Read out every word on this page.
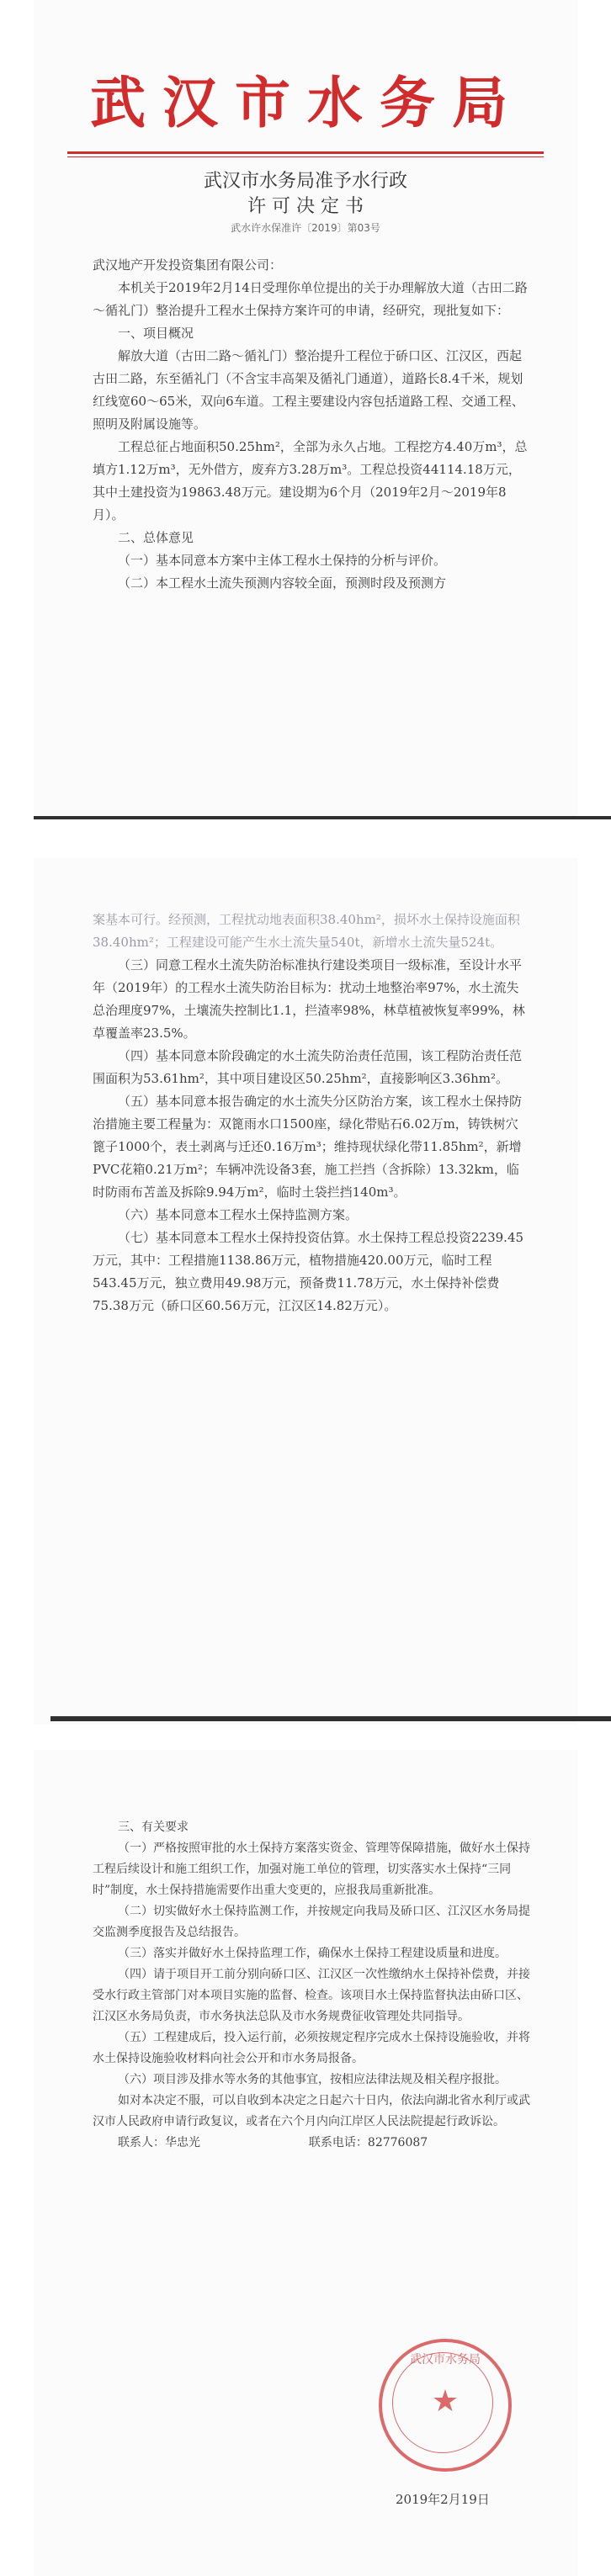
武汉市水务局
武汉市水务局准予水行政
许 可 决 定 书
武水许水保准许〔2019〕第03号

武汉地产开发投资集团有限公司：

本机关于2019年2月14日受理你单位提出的关于办理解放大道（古田二路～循礼门）整治提升工程水土保持方案许可的申请，经研究，现批复如下：

一、项目概况

解放大道（古田二路～循礼门）整治提升工程位于硚口区、江汉区，西起古田二路，东至循礼门（不含宝丰高架及循礼门通道），道路长8.4千米，规划红线宽60～65米，双向6车道。工程主要建设内容包括道路工程、交通工程、照明及附属设施等。

工程总征占地面积50.25hm²，全部为永久占地。工程挖方4.40万m³，总填方1.12万m³，无外借方，废弃方3.28万m³。工程总投资44114.18万元，其中土建投资为19863.48万元。建设期为6个月（2019年2月～2019年8月）。

二、总体意见

（一）基本同意本方案中主体工程水土保持的分析与评价。

（二）本工程水土流失预测内容较全面，预测时段及预测方

案基本可行。经预测，工程扰动地表面积38.40hm²，损坏水土保持设施面积38.40hm²；工程建设可能产生水土流失量540t，新增水土流失量524t。

（三）同意工程水土流失防治标准执行建设类项目一级标准，至设计水平年（2019年）的工程水土流失防治目标为：扰动土地整治率97%，水土流失总治理度97%，土壤流失控制比1.1，拦渣率98%，林草植被恢复率99%，林草覆盖率23.5%。

（四）基本同意本阶段确定的水土流失防治责任范围，该工程防治责任范围面积为53.61hm²，其中项目建设区50.25hm²，直接影响区3.36hm²。

（五）基本同意本报告确定的水土流失分区防治方案，该工程水土保持防治措施主要工程量为：双篦雨水口1500座，绿化带贴石6.02万m，铸铁树穴篦子1000个，表土剥离与迁还0.16万m³；维持现状绿化带11.85hm²，新增PVC花箱0.21万m²；车辆冲洗设备3套，施工拦挡（含拆除）13.32km，临时防雨布苫盖及拆除9.94万m²，临时土袋拦挡140m³。

（六）基本同意本工程水土保持监测方案。

（七）基本同意本工程水土保持投资估算。水土保持工程总投资2239.45万元，其中：工程措施1138.86万元，植物措施420.00万元，临时工程543.45万元，独立费用49.98万元，预备费11.78万元，水土保持补偿费75.38万元（硚口区60.56万元，江汉区14.82万元）。

三、有关要求

（一）严格按照审批的水土保持方案落实资金、管理等保障措施，做好水土保持工程后续设计和施工组织工作，加强对施工单位的管理，切实落实水土保持“三同时”制度，水土保持措施需要作出重大变更的，应报我局重新批准。

（二）切实做好水土保持监测工作，并按规定向我局及硚口区、江汉区水务局提交监测季度报告及总结报告。

（三）落实并做好水土保持监理工作，确保水土保持工程建设质量和进度。

（四）请于项目开工前分别向硚口区、江汉区一次性缴纳水土保持补偿费，并接受水行政主管部门对本项目实施的监督、检查。该项目水土保持监督执法由硚口区、江汉区水务局负责，市水务执法总队及市水务规费征收管理处共同指导。

（五）工程建成后，投入运行前，必须按规定程序完成水土保持设施验收，并将水土保持设施验收材料向社会公开和市水务局报备。

（六）项目涉及排水等水务的其他事宜，按相应法律法规及相关程序报批。

如对本决定不服，可以自收到本决定之日起六十日内，依法向湖北省水利厅或武汉市人民政府申请行政复议，或者在六个月内向江岸区人民法院提起行政诉讼。

联系人：华忠光	联系电话：82776087

武汉市水务局
★
2019年2月19日
